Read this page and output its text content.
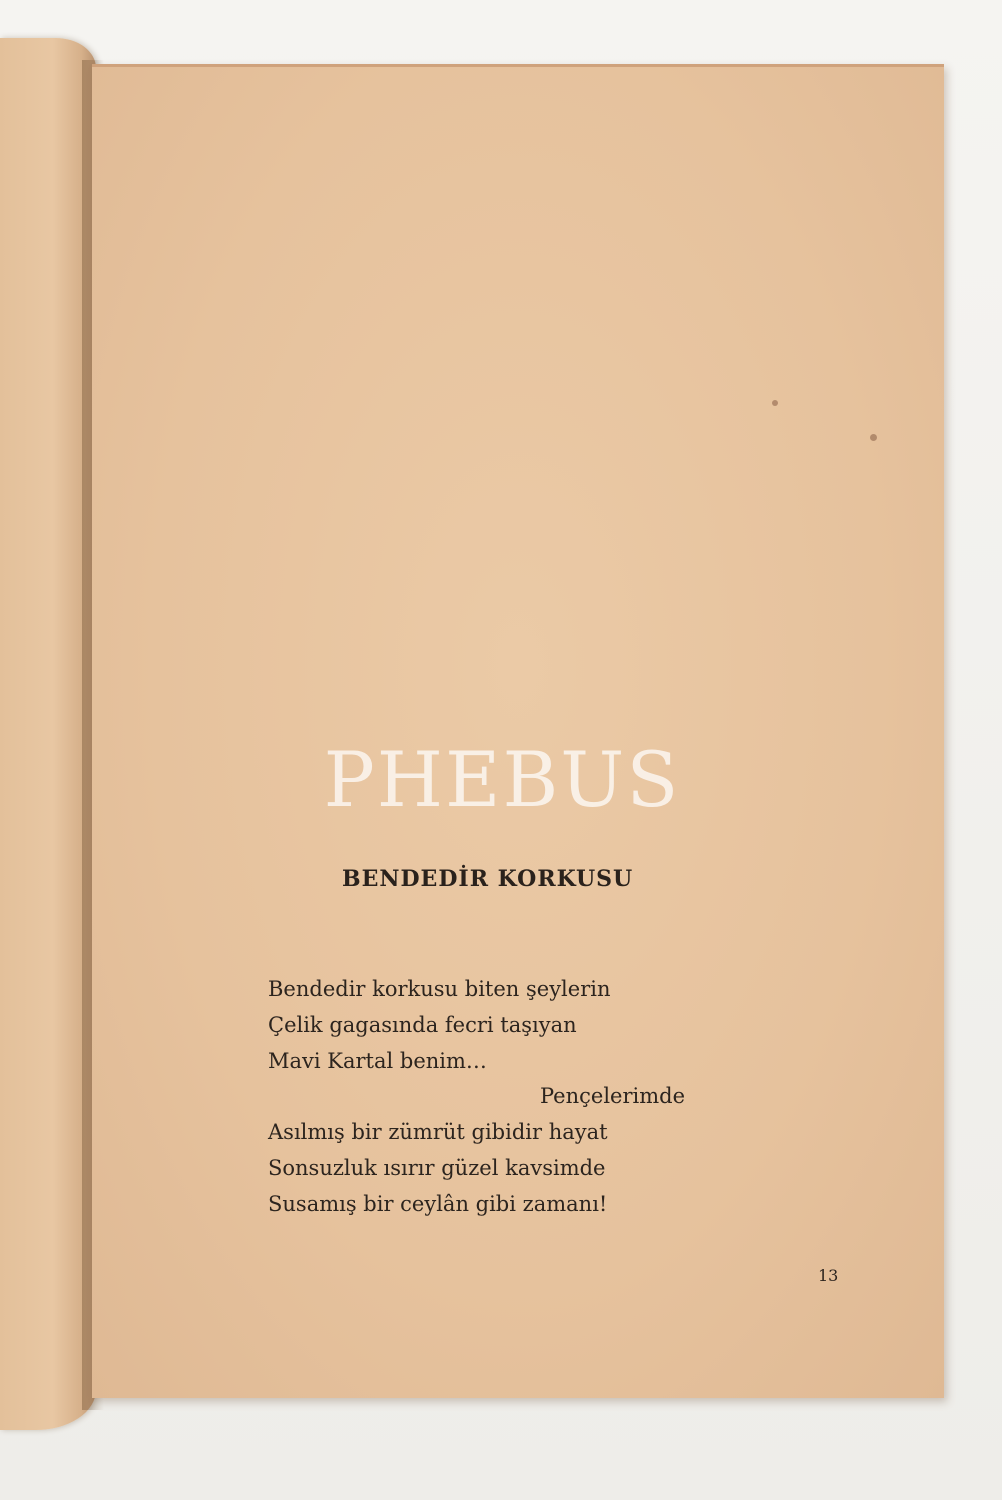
PHEBUS

BENDEDİR KORKUSU
Bendedir korkusu biten şeylerin
Çelik gagasında fecri taşıyan
Mavi Kartal benim…
Pençelerimde
Asılmış bir zümrüt gibidir hayat
Sonsuzluk ısırır güzel kavsimde
Susamış bir ceylân gibi zamanı!

13
